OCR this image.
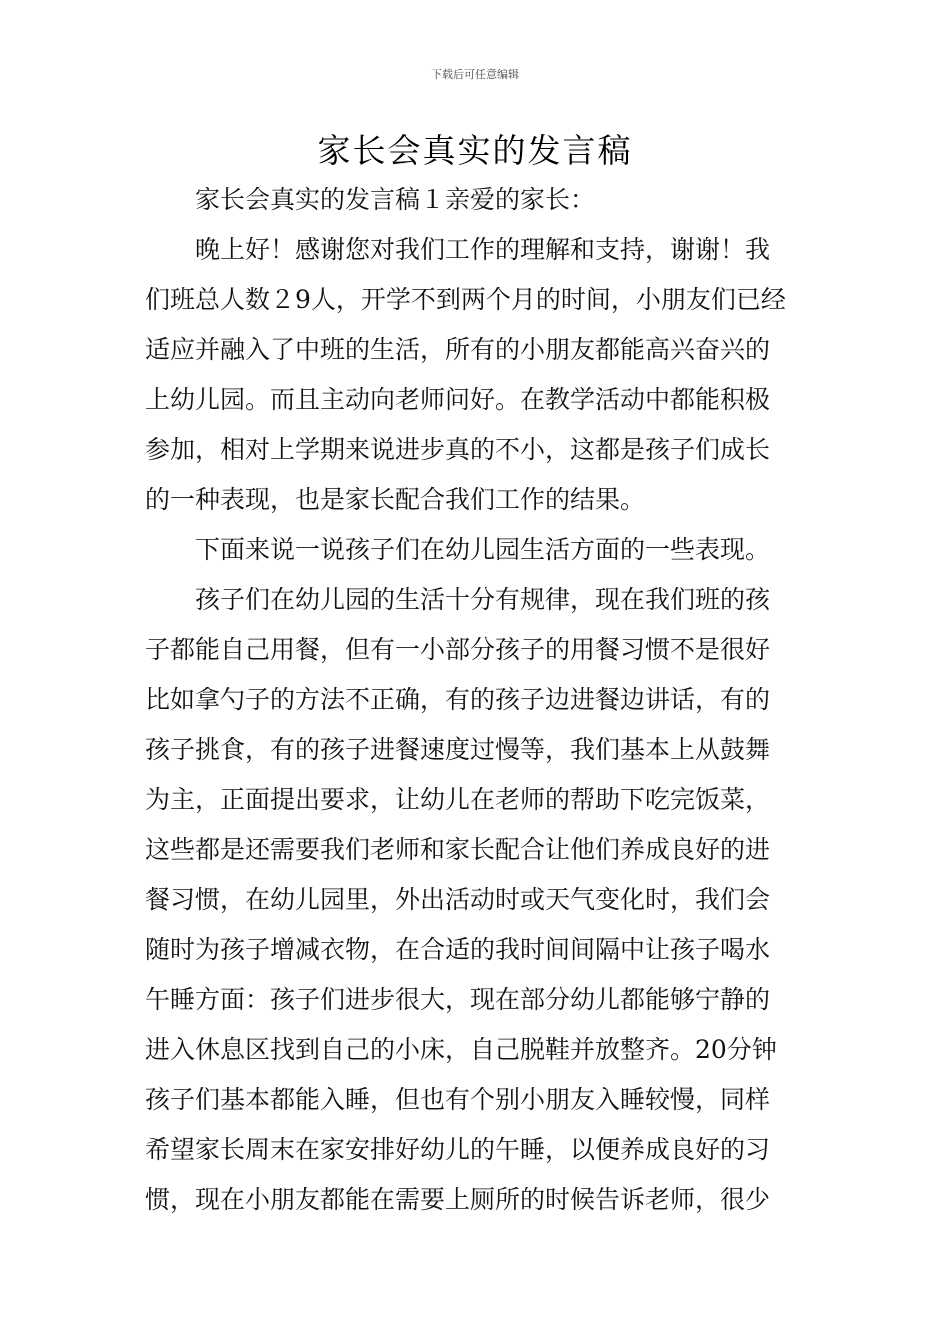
下载后可任意编辑
家长会真实的发言稿
家长会真实的发言稿１亲爱的家长：
晚上好！感谢您对我们工作的理解和支持，谢谢！我
们班总人数２9人，开学不到两个月的时间，小朋友们已经
适应并融入了中班的生活，所有的小朋友都能高兴奋兴的
上幼儿园。而且主动向老师问好。在教学活动中都能积极
参加，相对上学期来说进步真的不小，这都是孩子们成长
的一种表现，也是家长配合我们工作的结果。
下面来说一说孩子们在幼儿园生活方面的一些表现。
孩子们在幼儿园的生活十分有规律，现在我们班的孩
子都能自己用餐，但有一小部分孩子的用餐习惯不是很好
比如拿勺子的方法不正确，有的孩子边进餐边讲话，有的
孩子挑食，有的孩子进餐速度过慢等，我们基本上从鼓舞
为主，正面提出要求，让幼儿在老师的帮助下吃完饭菜，
这些都是还需要我们老师和家长配合让他们养成良好的进
餐习惯，在幼儿园里，外出活动时或天气变化时，我们会
随时为孩子增减衣物，在合适的我时间间隔中让孩子喝水
午睡方面：孩子们进步很大，现在部分幼儿都能够宁静的
进入休息区找到自己的小床，自己脱鞋并放整齐。20分钟
孩子们基本都能入睡，但也有个别小朋友入睡较慢，同样
希望家长周末在家安排好幼儿的午睡，以便养成良好的习
惯，现在小朋友都能在需要上厕所的时候告诉老师，很少
